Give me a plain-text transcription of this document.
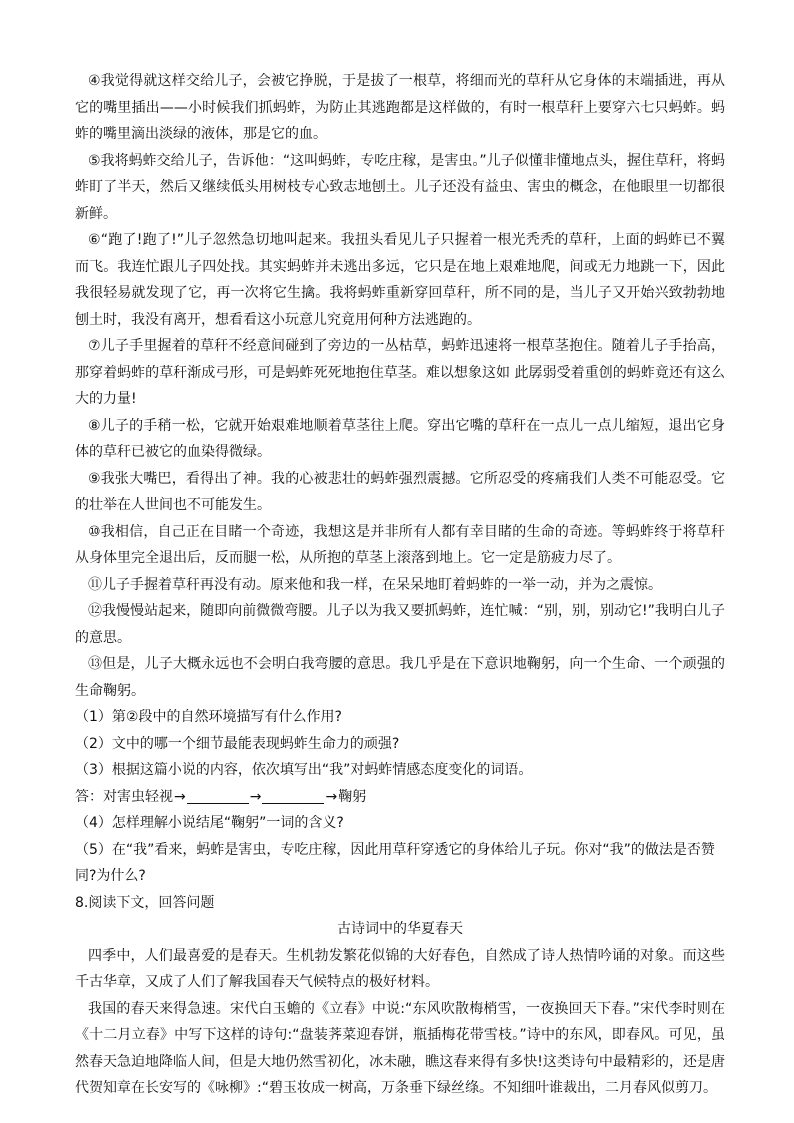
④我觉得就这样交给儿子，会被它挣脱，于是拔了一根草，将细而光的草秆从它身体的末端插进，再从它的嘴里插出——小时候我们抓蚂蚱，为防止其逃跑都是这样做的，有时一根草秆上要穿六七只蚂蚱。蚂蚱的嘴里滴出淡绿的液体，那是它的血。

⑤我将蚂蚱交给儿子，告诉他：“这叫蚂蚱，专吃庄稼，是害虫。”儿子似懂非懂地点头，握住草秆，将蚂蚱盯了半天，然后又继续低头用树枝专心致志地刨土。儿子还没有益虫、害虫的概念，在他眼里一切都很新鲜。

⑥“跑了!跑了!”儿子忽然急切地叫起来。我扭头看见儿子只握着一根光秃秃的草秆，上面的蚂蚱已不翼而飞。我连忙跟儿子四处找。其实蚂蚱并未逃出多远，它只是在地上艰难地爬，间或无力地跳一下，因此我很轻易就发现了它，再一次将它生擒。我将蚂蚱重新穿回草秆，所不同的是，当儿子又开始兴致勃勃地刨土时，我没有离开，想看看这小玩意儿究竟用何种方法逃跑的。

⑦儿子手里握着的草秆不经意间碰到了旁边的一丛枯草，蚂蚱迅速将一根草茎抱住。随着儿子手抬高，那穿着蚂蚱的草秆渐成弓形，可是蚂蚱死死地抱住草茎。难以想象这如 此孱弱受着重创的蚂蚱竟还有这么大的力量!

⑧儿子的手稍一松，它就开始艰难地顺着草茎往上爬。穿出它嘴的草秆在一点儿一点儿缩短，退出它身体的草秆已被它的血染得微绿。

⑨我张大嘴巴，看得出了神。我的心被悲壮的蚂蚱强烈震撼。它所忍受的疼痛我们人类不可能忍受。它的壮举在人世间也不可能发生。

⑩我相信，自己正在目睹一个奇迹，我想这是并非所有人都有幸目睹的生命的奇迹。等蚂蚱终于将草秆从身体里完全退出后，反而腿一松，从所抱的草茎上滚落到地上。它一定是筋疲力尽了。

⑪儿子手握着草秆再没有动。原来他和我一样，在呆呆地盯着蚂蚱的一举一动，并为之震惊。

⑫我慢慢站起来，随即向前微微弯腰。儿子以为我又要抓蚂蚱，连忙喊：“别，别，别动它!”我明白儿子的意思。

⑬但是，儿子大概永远也不会明白我弯腰的意思。我几乎是在下意识地鞠躬，向一个生命、一个顽强的生命鞠躬。

（1）第②段中的自然环境描写有什么作用?

（2）文中的哪一个细节最能表现蚂蚱生命力的顽强?

（3）根据这篇小说的内容，依次填写出“我”对蚂蚱情感态度变化的词语。

答：对害虫轻视→	→	→鞠躬

（4）怎样理解小说结尾“鞠躬”一词的含义?

（5）在“我”看来，蚂蚱是害虫，专吃庄稼，因此用草秆穿透它的身体给儿子玩。你对“我”的做法是否赞同?为什么?

8.阅读下文，回答问题

古诗词中的华夏春天

四季中，人们最喜爱的是春天。生机勃发繁花似锦的大好春色，自然成了诗人热情吟诵的对象。而这些千古华章，又成了人们了解我国春天气候特点的极好材料。

我国的春天来得急速。宋代白玉蟾的《立春》中说:“东风吹散梅梢雪，一夜换回天下春。”宋代李时则在《十二月立春》中写下这样的诗句:“盘装荠菜迎春饼，瓶插梅花带雪枝。”诗中的东风，即春风。可见，虽然春天急迫地降临人间，但是大地仍然雪初化，冰未融，瞧这春来得有多快!这类诗句中最精彩的，还是唐代贺知章在长安写的《咏柳》:“碧玉妆成一树高，万条垂下绿丝绦。不知细叶谁裁出，二月春风似剪刀。
